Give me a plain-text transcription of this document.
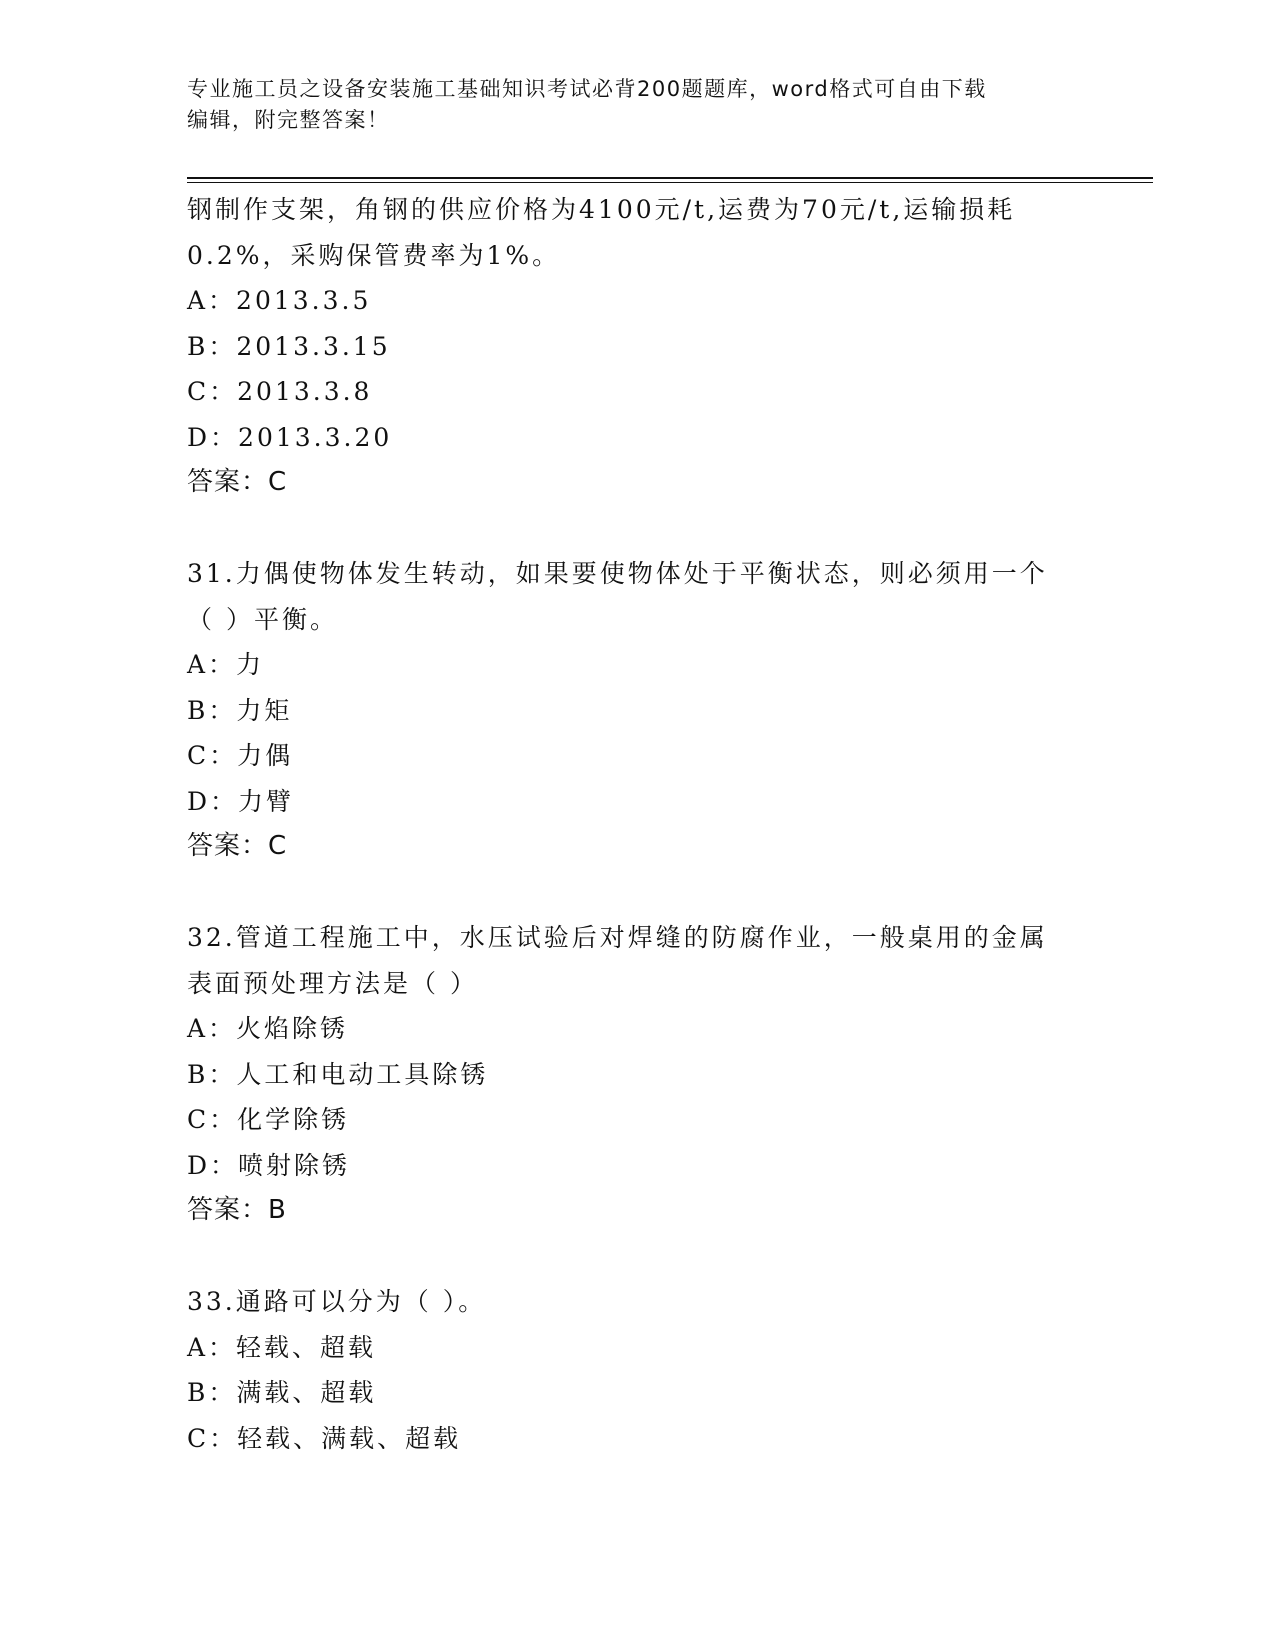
专业施工员之设备安装施工基础知识考试必背200题题库，word格式可自由下载
编辑，附完整答案！
钢制作支架，角钢的供应价格为4100元/t,运费为70元/t,运输损耗
0.2%，采购保管费率为1%。
A：2013.3.5
B：2013.3.15
C：2013.3.8
D：2013.3.20
答案：C
31.力偶使物体发生转动，如果要使物体处于平衡状态，则必须用一个
（ ）平衡。
A：力
B：力矩
C：力偶
D：力臂
答案：C
32.管道工程施工中，水压试验后对焊缝的防腐作业，一般桌用的金属
表面预处理方法是（ ）
A：火焰除锈
B：人工和电动工具除锈
C：化学除锈
D：喷射除锈
答案：B
33.通路可以分为（ ）。
A：轻载、超载
B：满载、超载
C：轻载、满载、超载
